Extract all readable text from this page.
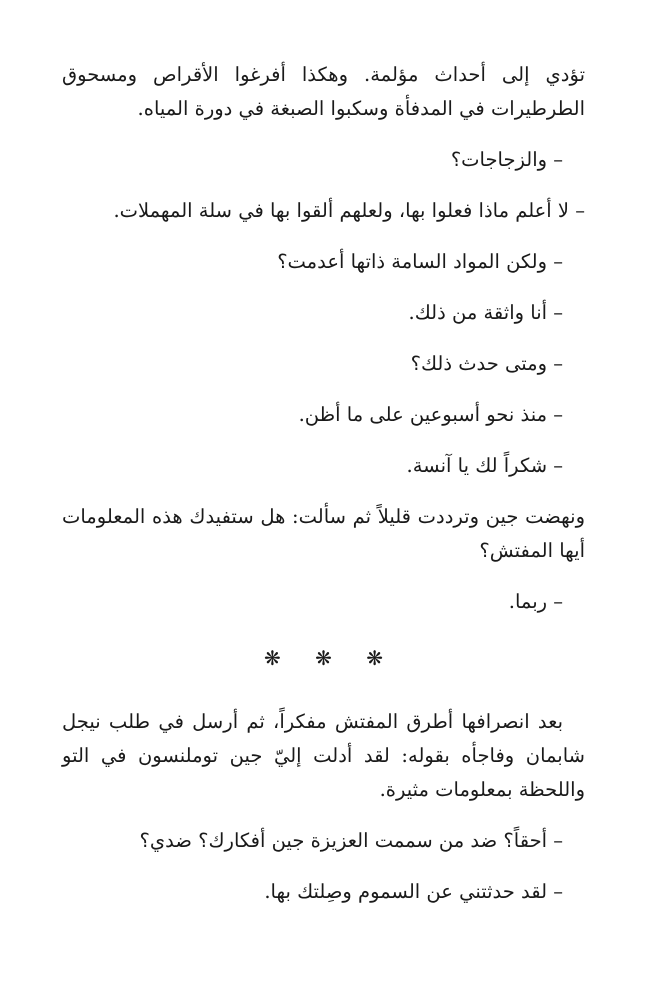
تؤدي إلى أحداث مؤلمة. وهكذا أفرغوا الأقراص ومسحوق الطرطيرات في المدفأة وسكبوا الصبغة في دورة المياه.

– والزجاجات؟

– لا أعلم ماذا فعلوا بها، ولعلهم ألقوا بها في سلة المهملات.

– ولكن المواد السامة ذاتها أعدمت؟

– أنا واثقة من ذلك.

– ومتى حدث ذلك؟

– منذ نحو أسبوعين على ما أظن.

– شكراً لك يا آنسة.

ونهضت جين وترددت قليلاً ثم سألت: هل ستفيدك هذه المعلومات أيها المفتش؟

– ربما.

❋ ❋ ❋

بعد انصرافها أطرق المفتش مفكراً، ثم أرسل في طلب نيجل شابمان وفاجأه بقوله: لقد أدلت إليّ جين توملنسون في التو واللحظة بمعلومات مثيرة.

– أحقاً؟ ضد من سممت العزيزة جين أفكارك؟ ضدي؟

– لقد حدثتني عن السموم وصِلتك بها.
